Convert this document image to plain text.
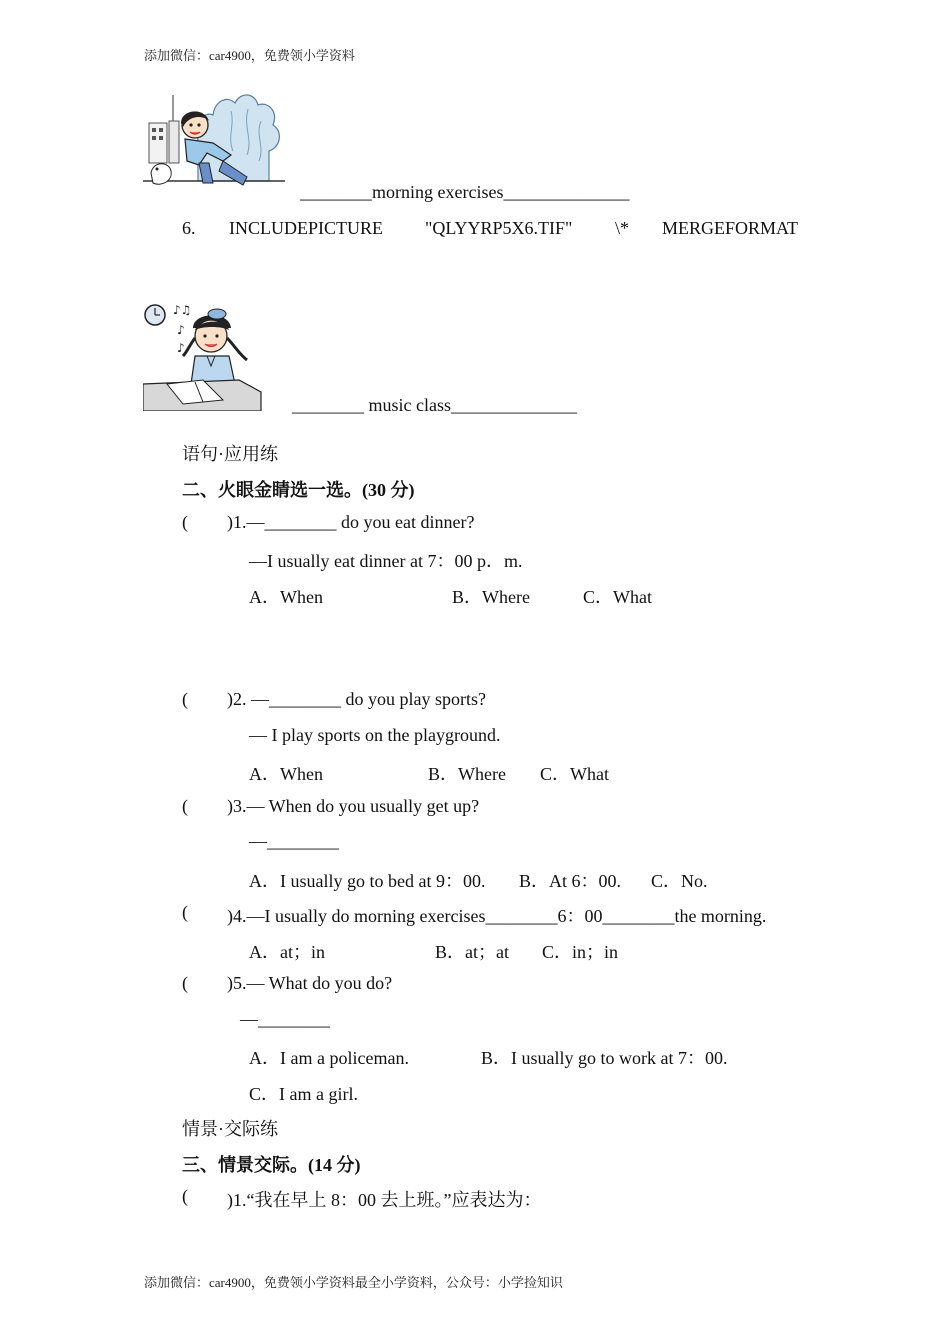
添加微信：car4900，免费领小学资料
________morning exercises______________
6. INCLUDEPICTURE "QLYYRP5X6.TIF" \* MERGEFORMAT
♪♫
♪
♪
________ music class______________
语句·应用练
二、火眼金睛选一选。(30 分)
( )1.—________ do you eat dinner?
—I usually eat dinner at 7：00 p．m.
A．When	B．Where	C．What
( )2. —________ do you play sports?
— I play sports on the playground.
A．When	B．Where C．What
( )3.— When do you usually get up?
—________
A．I usually go to bed at 9：00. B．At 6：00. C．No.
( )4.—I usually do morning exercises________6：00________the morning.
A．at；in	B．at；at C．in；in
( )5.— What do you do?
—________
A．I am a policeman.	B．I usually go to work at 7：00.
C．I am a girl.
情景·交际练
三、情景交际。(14 分)
( )1.“我在早上 8：00 去上班。”应表达为：
添加微信：car4900，免费领小学资料最全小学资料，公众号：小学捡知识
